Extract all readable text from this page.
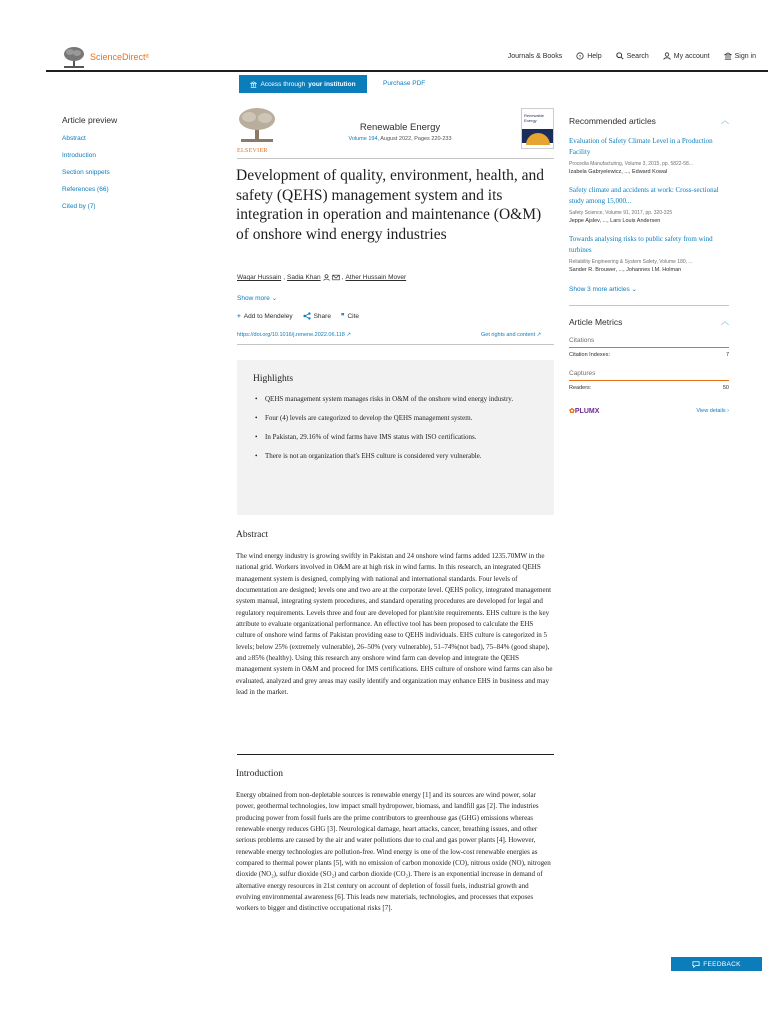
ScienceDirect ®	Journals & Books	? Help	Search	My account	Sign in
Access through your institution	Purchase PDF
Article preview
Abstract
Introduction
Section snippets
References (66)
Cited by (7)
ELSEVIER
Renewable Energy
Volume 194, August 2022, Pages 220-233
Renewable Energy
Development of quality, environment, health, and safety (QEHS) management system and its integration in operation and maintenance (O&M) of onshore wind energy industries
Waqar Hussain , Sadia Khan	, Ather Hussain Mover
Show more ⌄
+ Add to Mendeley	Share ❞ Cite
https://doi.org/10.1016/j.renene.2022.06.118 ↗	Get rights and content ↗
Highlights
• QEHS management system manages risks in O&M of the onshore wind energy industry.
• Four (4) levels are categorized to develop the QEHS management system.
• In Pakistan, 29.16% of wind farms have IMS status with ISO certifications.
• There is not an organization that's EHS culture is considered very vulnerable.
Abstract
The wind energy industry is growing swiftly in Pakistan and 24 onshore wind farms added 1235.70MW in the national grid. Workers involved in O&M are at high risk in wind farms. In this research, an integrated QEHS management system is designed, complying with national and international standards. Four levels of documentation are designed; levels one and two are at the corporate level. QEHS policy, integrated management system manual, integrating system procedures, and standard operating procedures are developed for legal and regulatory requirements. Levels three and four are developed for plant/site requirements. EHS culture is the key attribute to evaluate organizational performance. An effective tool has been proposed to calculate the EHS culture of onshore wind farms of Pakistan providing ease to QEHS individuals. EHS culture is categorized in 5 levels; below 25% (extremely vulnerable), 26–50% (very vulnerable), 51–74%(not bad), 75–84% (good shape), and ≥85% (healthy). Using this research any onshore wind farm can develop and integrate the QEHS management system in O&M and proceed for IMS certifications. EHS culture of onshore wind farms can also be evaluated, analyzed and grey areas may easily identify and organization may enhance EHS in business and may lead in the market.
Introduction
Energy obtained from non-depletable sources is renewable energy [1] and its sources are wind power, solar power, geothermal technologies, low impact small hydropower, biomass, and landfill gas [2]. The industries producing power from fossil fuels are the prime contributors to greenhouse gas (GHG) emissions whereas renewable energy reduces GHG [3]. Neurological damage, heart attacks, cancer, breathing issues, and other serious problems are caused by the air and water pollutions due to coal and gas power plants [4]. However, renewable energy technologies are pollution-free. Wind energy is one of the low-cost renewable energies as compared to thermal power plants [5], with no emission of carbon monoxide (CO), nitrous oxide (NO), nitrogen dioxide (NO₂), sulfur dioxide (SO₂) and carbon dioxide (CO₂). There is an exponential increase in demand of alternative energy resources in 21st century on account of depletion of fossil fuels, industrial growth and evolving environmental awareness [6]. This leads new materials, technologies, and processes that exposes workers to bigger and distinctive occupational risks [7].
Recommended articles	︿
Evaluation of Safety Climate Level in a Production Facility
Procedia Manufacturing, Volume 3, 2015, pp. 5822-58...
Izabela Gabryelewicz, ..., Edward Kowal
Safety climate and accidents at work: Cross-sectional study among 15,000...
Safety Science, Volume 91, 2017, pp. 320-325
Jeppe Ajslev, ..., Lars Louis Andersen
Towards analysing risks to public safety from wind turbines
Reliability Engineering & System Safety, Volume 180, ...
Sander R. Brouwer, ..., Johannes I.M. Holman
Show 3 more articles ⌄
Article Metrics	︿
Citations
Citation Indexes:	7
Captures
Readers:	50
✿PLUMX	View details ›
FEEDBACK
